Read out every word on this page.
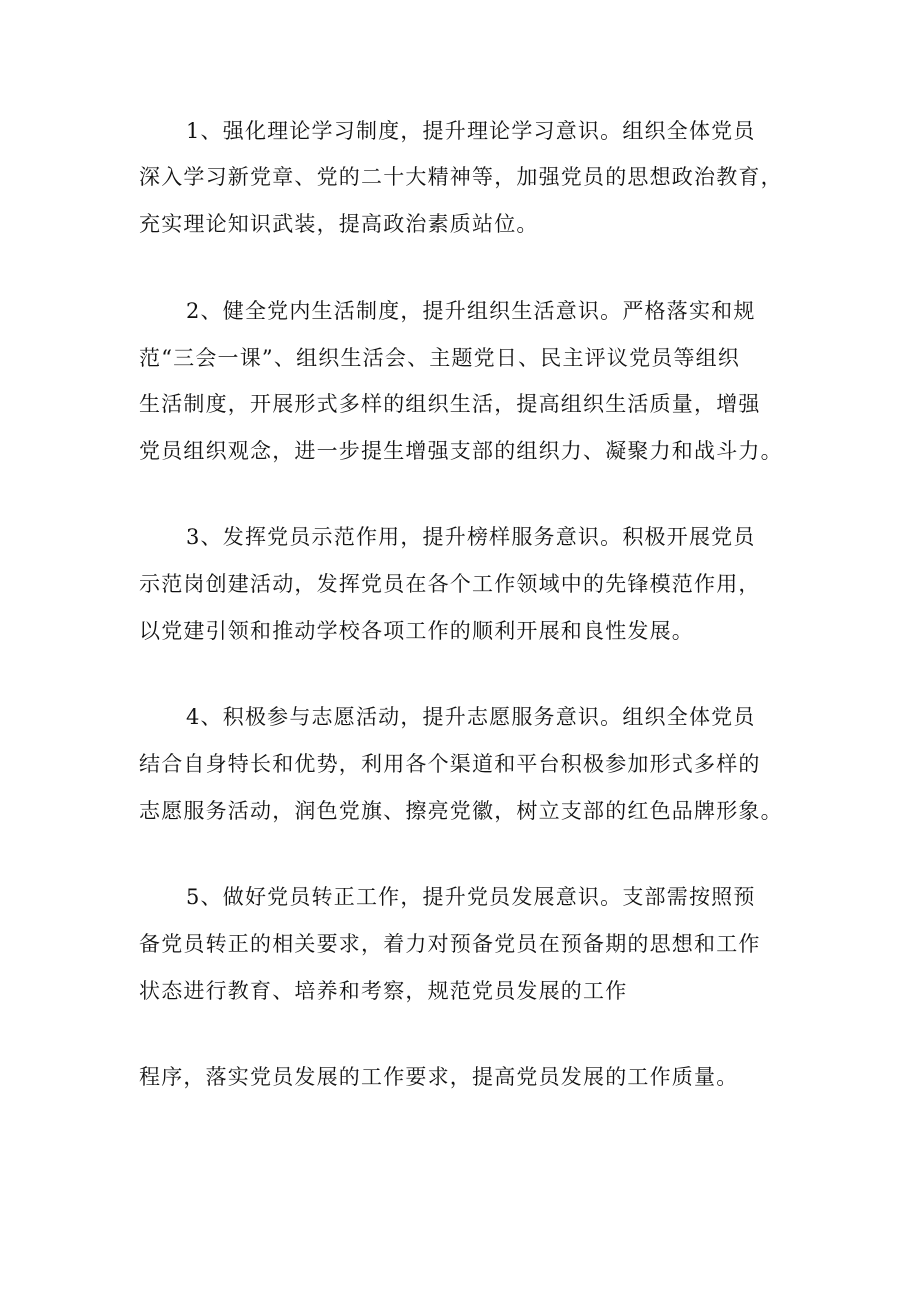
1、强化理论学习制度，提升理论学习意识。组织全体党员
深入学习新党章、党的二十大精神等，加强党员的思想政治教育，
充实理论知识武装，提高政治素质站位。
2、健全党内生活制度，提升组织生活意识。严格落实和规
范“三会一课”、组织生活会、主题党日、民主评议党员等组织
生活制度，开展形式多样的组织生活，提高组织生活质量，增强
党员组织观念，进一步提生增强支部的组织力、凝聚力和战斗力。
3、发挥党员示范作用，提升榜样服务意识。积极开展党员
示范岗创建活动，发挥党员在各个工作领域中的先锋模范作用，
以党建引领和推动学校各项工作的顺利开展和良性发展。
4、积极参与志愿活动，提升志愿服务意识。组织全体党员
结合自身特长和优势，利用各个渠道和平台积极参加形式多样的
志愿服务活动，润色党旗、擦亮党徽，树立支部的红色品牌形象。
5、做好党员转正工作，提升党员发展意识。支部需按照预
备党员转正的相关要求，着力对预备党员在预备期的思想和工作
状态进行教育、培养和考察，规范党员发展的工作
程序，落实党员发展的工作要求，提高党员发展的工作质量。
